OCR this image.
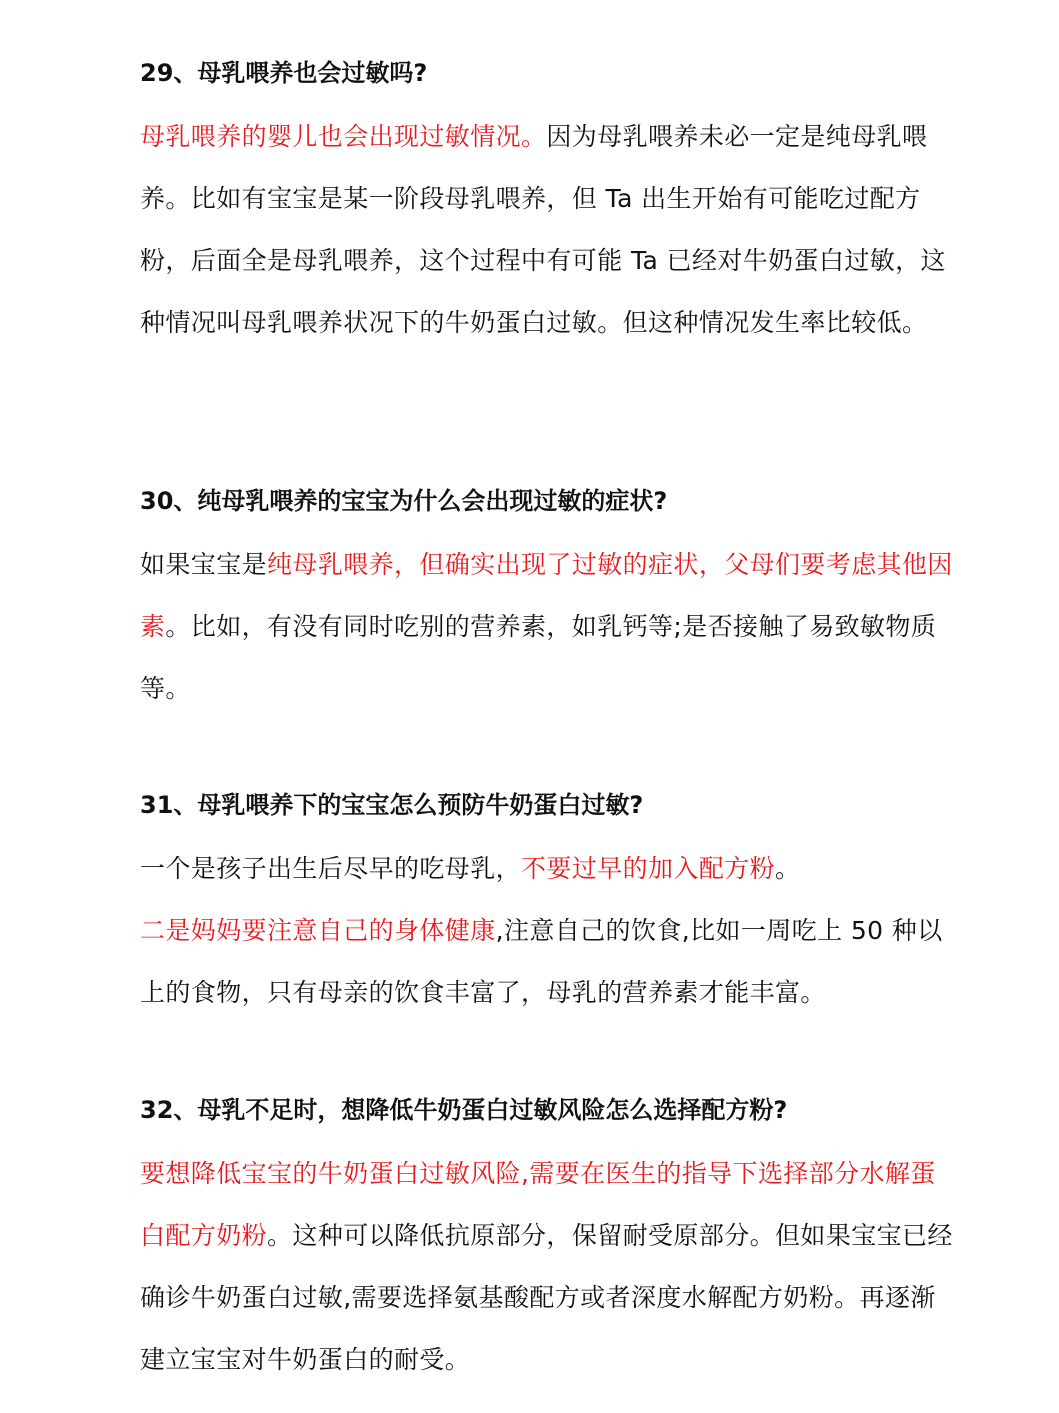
29、母乳喂养也会过敏吗?
母乳喂养的婴儿也会出现过敏情况。因为母乳喂养未必一定是纯母乳喂养。比如有宝宝是某一阶段母乳喂养，但 Ta 出生开始有可能吃过配方粉，后面全是母乳喂养，这个过程中有可能 Ta 已经对牛奶蛋白过敏，这种情况叫母乳喂养状况下的牛奶蛋白过敏。但这种情况发生率比较低。
30、纯母乳喂养的宝宝为什么会出现过敏的症状?
如果宝宝是纯母乳喂养，但确实出现了过敏的症状，父母们要考虑其他因素。比如，有没有同时吃别的营养素，如乳钙等;是否接触了易致敏物质等。
31、母乳喂养下的宝宝怎么预防牛奶蛋白过敏?
一个是孩子出生后尽早的吃母乳，不要过早的加入配方粉。
二是妈妈要注意自己的身体健康,注意自己的饮食,比如一周吃上 50 种以上的食物，只有母亲的饮食丰富了，母乳的营养素才能丰富。
32、母乳不足时，想降低牛奶蛋白过敏风险怎么选择配方粉?
要想降低宝宝的牛奶蛋白过敏风险,需要在医生的指导下选择部分水解蛋白配方奶粉。这种可以降低抗原部分，保留耐受原部分。但如果宝宝已经确诊牛奶蛋白过敏,需要选择氨基酸配方或者深度水解配方奶粉。再逐渐建立宝宝对牛奶蛋白的耐受。
